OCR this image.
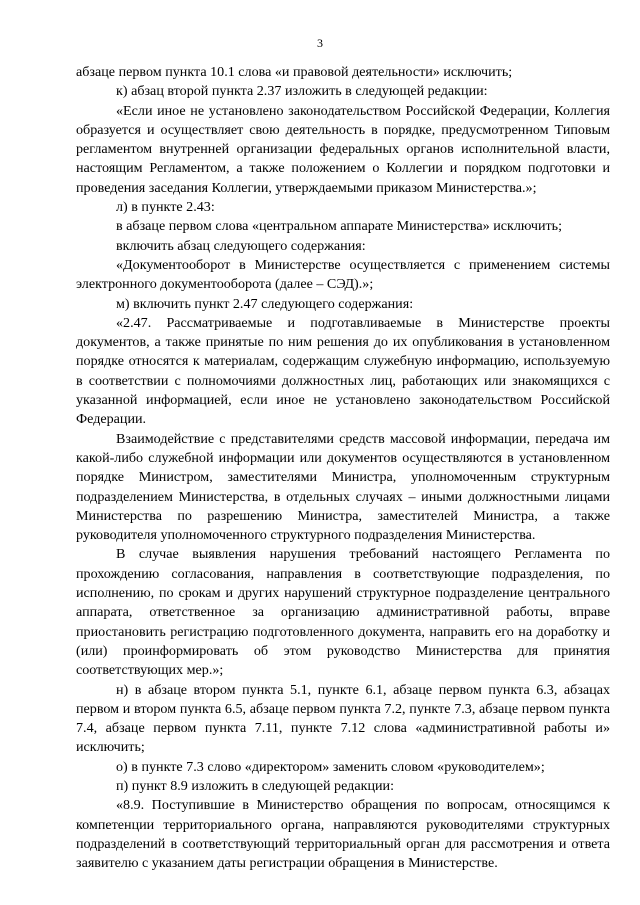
3

абзаце первом пункта 10.1 слова «и правовой деятельности» исключить;

к) абзац второй пункта 2.37 изложить в следующей редакции:

«Если иное не установлено законодательством Российской Федерации, Коллегия образуется и осуществляет свою деятельность в порядке, предусмотренном Типовым регламентом внутренней организации федеральных органов исполнительной власти, настоящим Регламентом, а также положением о Коллегии и порядком подготовки и проведения заседания Коллегии, утверждаемыми приказом Министерства.»;

л) в пункте 2.43:

в абзаце первом слова «центральном аппарате Министерства» исключить;

включить абзац следующего содержания:

«Документооборот в Министерстве осуществляется с применением системы электронного документооборота (далее – СЭД).»;

м) включить пункт 2.47 следующего содержания:

«2.47. Рассматриваемые и подготавливаемые в Министерстве проекты документов, а также принятые по ним решения до их опубликования в установленном порядке относятся к материалам, содержащим служебную информацию, используемую в соответствии с полномочиями должностных лиц, работающих или знакомящихся с указанной информацией, если иное не установлено законодательством Российской Федерации.

Взаимодействие с представителями средств массовой информации, передача им какой-либо служебной информации или документов осуществляются в установленном порядке Министром, заместителями Министра, уполномоченным структурным подразделением Министерства, в отдельных случаях – иными должностными лицами Министерства по разрешению Министра, заместителей Министра, а также руководителя уполномоченного структурного подразделения Министерства.

В случае выявления нарушения требований настоящего Регламента по прохождению согласования, направления в соответствующие подразделения, по исполнению, по срокам и других нарушений структурное подразделение центрального аппарата, ответственное за организацию административной работы, вправе приостановить регистрацию подготовленного документа, направить его на доработку и (или) проинформировать об этом руководство Министерства для принятия соответствующих мер.»;

н) в абзаце втором пункта 5.1, пункте 6.1, абзаце первом пункта 6.3, абзацах первом и втором пункта 6.5, абзаце первом пункта 7.2, пункте 7.3, абзаце первом пункта 7.4, абзаце первом пункта 7.11, пункте 7.12 слова «административной работы и» исключить;

о) в пункте 7.3 слово «директором» заменить словом «руководителем»;

п) пункт 8.9 изложить в следующей редакции:

«8.9. Поступившие в Министерство обращения по вопросам, относящимся к компетенции территориального органа, направляются руководителями структурных подразделений в соответствующий территориальный орган для рассмотрения и ответа заявителю с указанием даты регистрации обращения в Министерстве.
